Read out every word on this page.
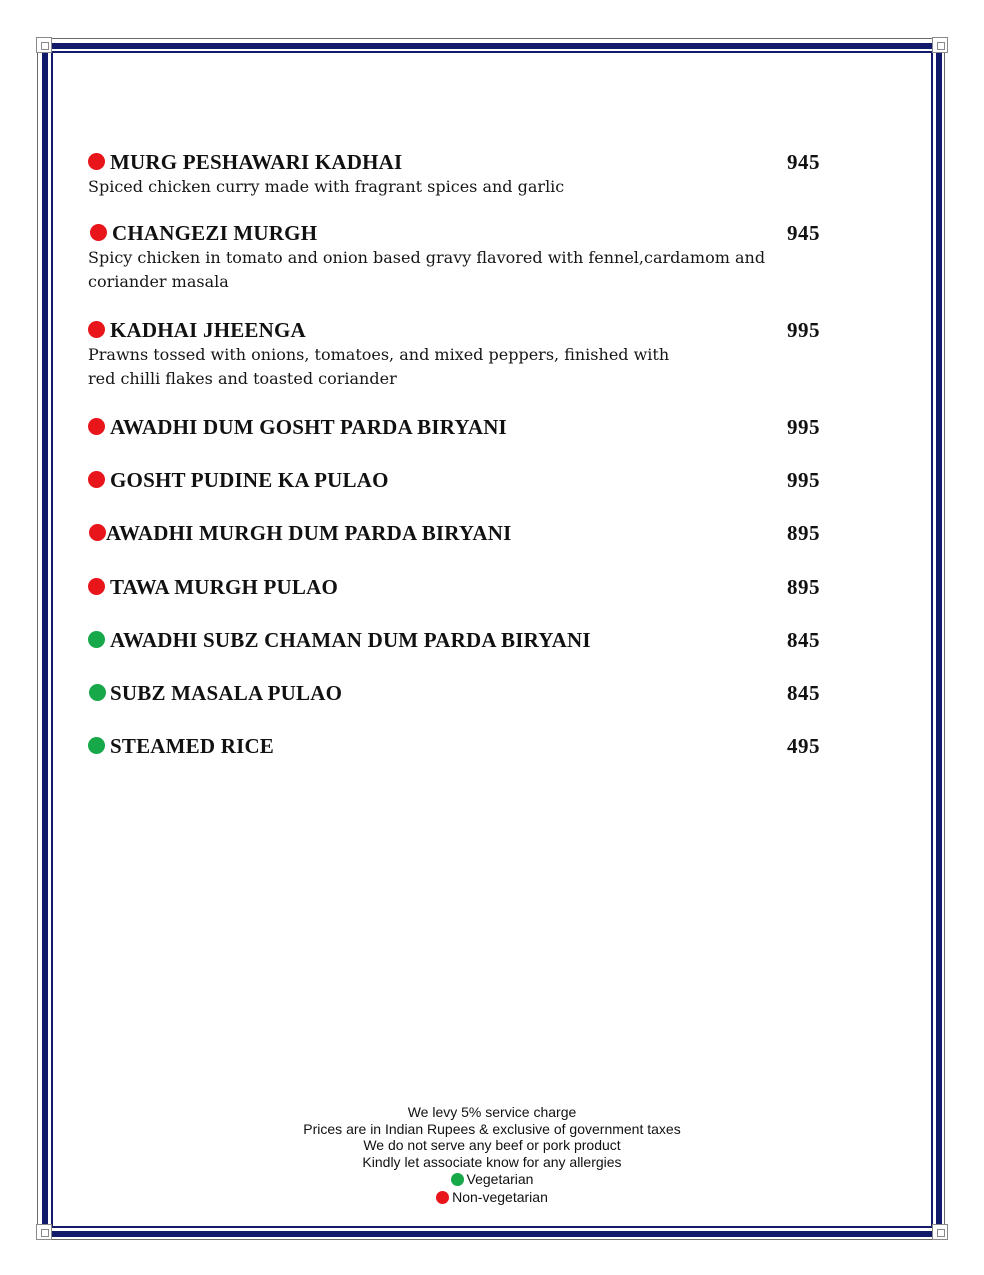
MURG PESHAWARI KADHAI	945
Spiced chicken curry made with fragrant spices and garlic
CHANGEZI MURGH	945
Spicy chicken in tomato and onion based gravy flavored with fennel,cardamom and coriander masala
KADHAI JHEENGA	995
Prawns tossed with onions, tomatoes, and mixed peppers, finished with
red chilli flakes and toasted coriander
AWADHI DUM GOSHT PARDA BIRYANI	995
GOSHT PUDINE KA PULAO	995
AWADHI MURGH DUM PARDA BIRYANI	895
TAWA MURGH PULAO	895
AWADHI SUBZ CHAMAN DUM PARDA BIRYANI	845
SUBZ MASALA PULAO	845
STEAMED RICE	495
We levy 5% service charge
Prices are in Indian Rupees & exclusive of government taxes
We do not serve any beef or pork product
Kindly let associate know for any allergies
Vegetarian
Non-vegetarian
